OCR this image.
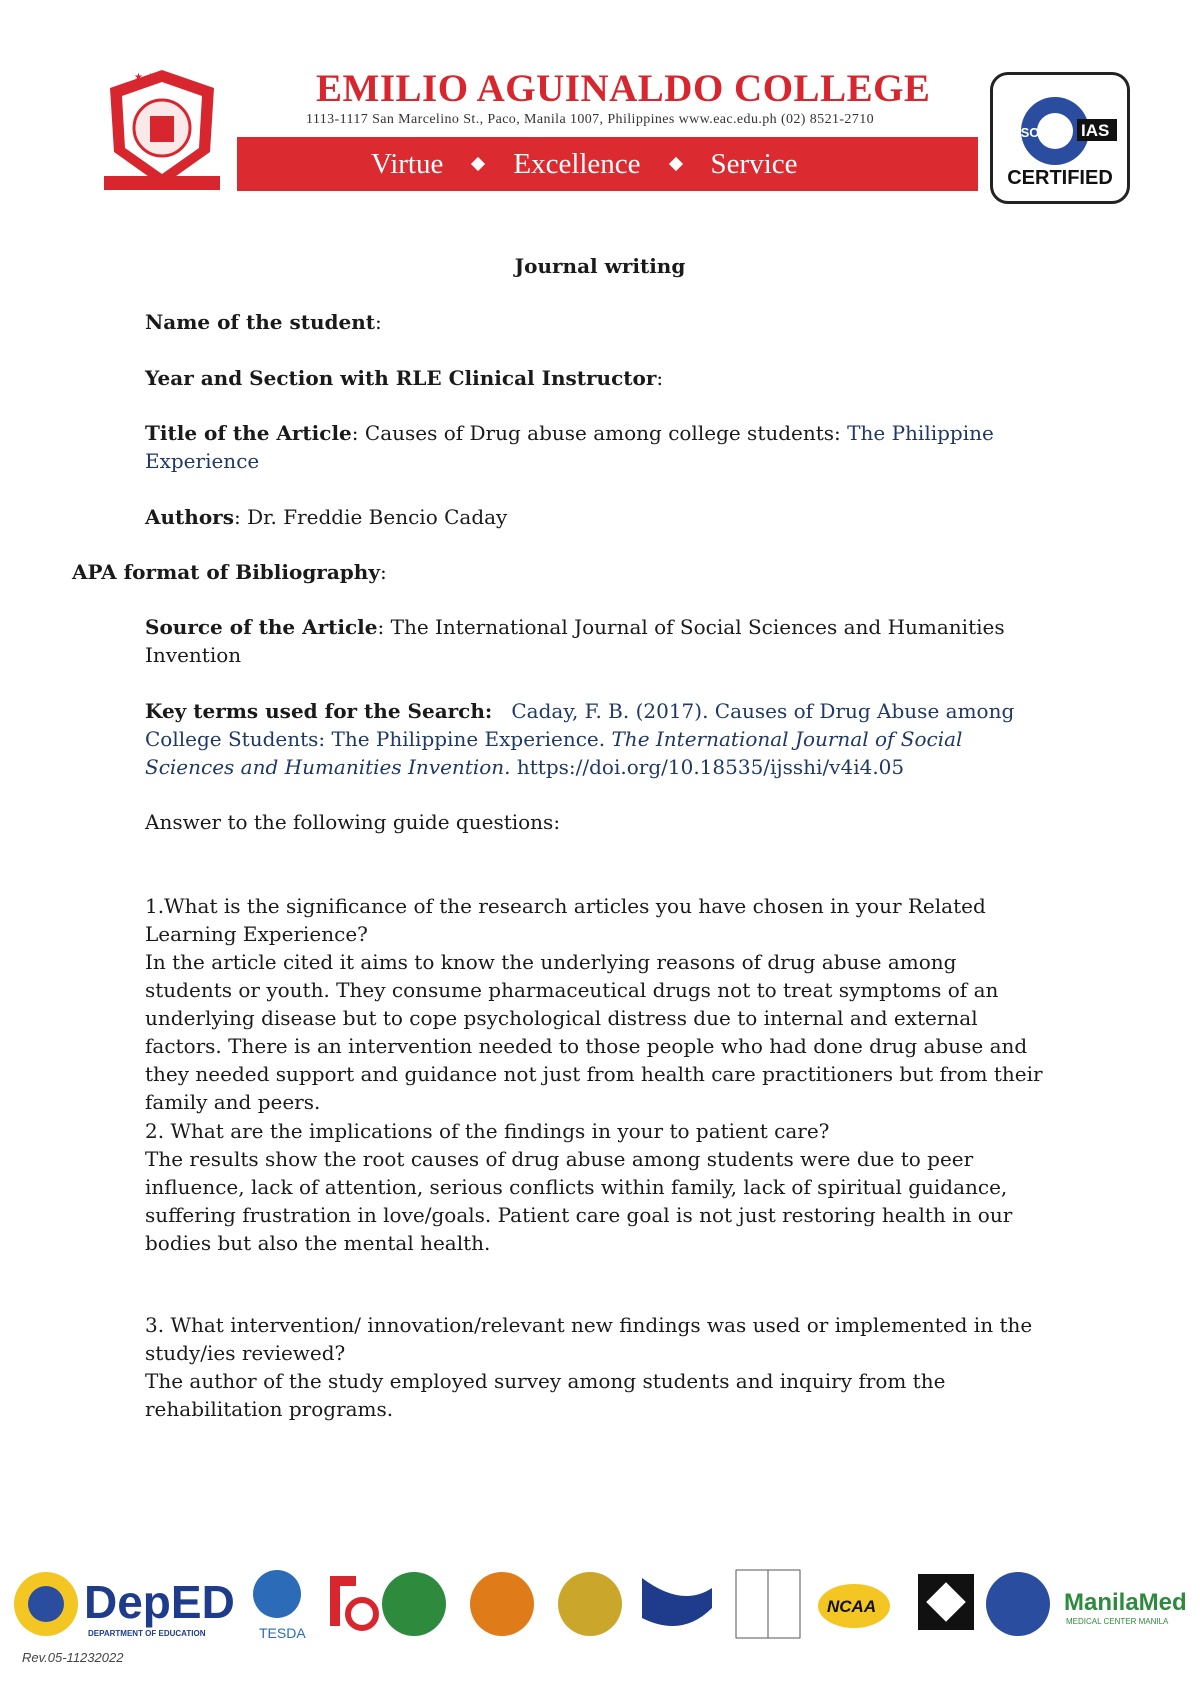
★ ★ ★	EMILIO AGUINALDO COLLEGE
1113-1117 San Marcelino St., Paco, Manila 1007, Philippines www.eac.edu.ph (02) 8521-2710
Virtue Excellence Service
ISO IAS
CERTIFIED
Journal writing
Name of the student:
Year and Section with RLE Clinical Instructor:
Title of the Article: Causes of Drug abuse among college students: The Philippine Experience
Authors: Dr. Freddie Bencio Caday
APA format of Bibliography:
Source of the Article: The International Journal of Social Sciences and Humanities Invention
Key terms used for the Search: Caday, F. B. (2017). Causes of Drug Abuse among College Students: The Philippine Experience. The International Journal of Social Sciences and Humanities Invention. https://doi.org/10.18535/ijsshi/v4i4.05
Answer to the following guide questions:

1.What is the significance of the research articles you have chosen in your Related Learning Experience?

In the article cited it aims to know the underlying reasons of drug abuse among students or youth. They consume pharmaceutical drugs not to treat symptoms of an underlying disease but to cope psychological distress due to internal and external factors. There is an intervention needed to those people who had done drug abuse and they needed support and guidance not just from health care practitioners but from their family and peers.

2. What are the implications of the findings in your to patient care?

The results show the root causes of drug abuse among students were due to peer influence, lack of attention, serious conflicts within family, lack of spiritual guidance, suffering frustration in love/goals. Patient care goal is not just restoring health in our bodies but also the mental health.

3. What intervention/ innovation/relevant new findings was used or implemented in the study/ies reviewed?

The author of the study employed survey among students and inquiry from the rehabilitation programs.

DepED
DEPARTMENT OF EDUCATION	TESDA
NCAA	ManilaMed
MEDICAL CENTER MANILA
Rev.05-11232022
